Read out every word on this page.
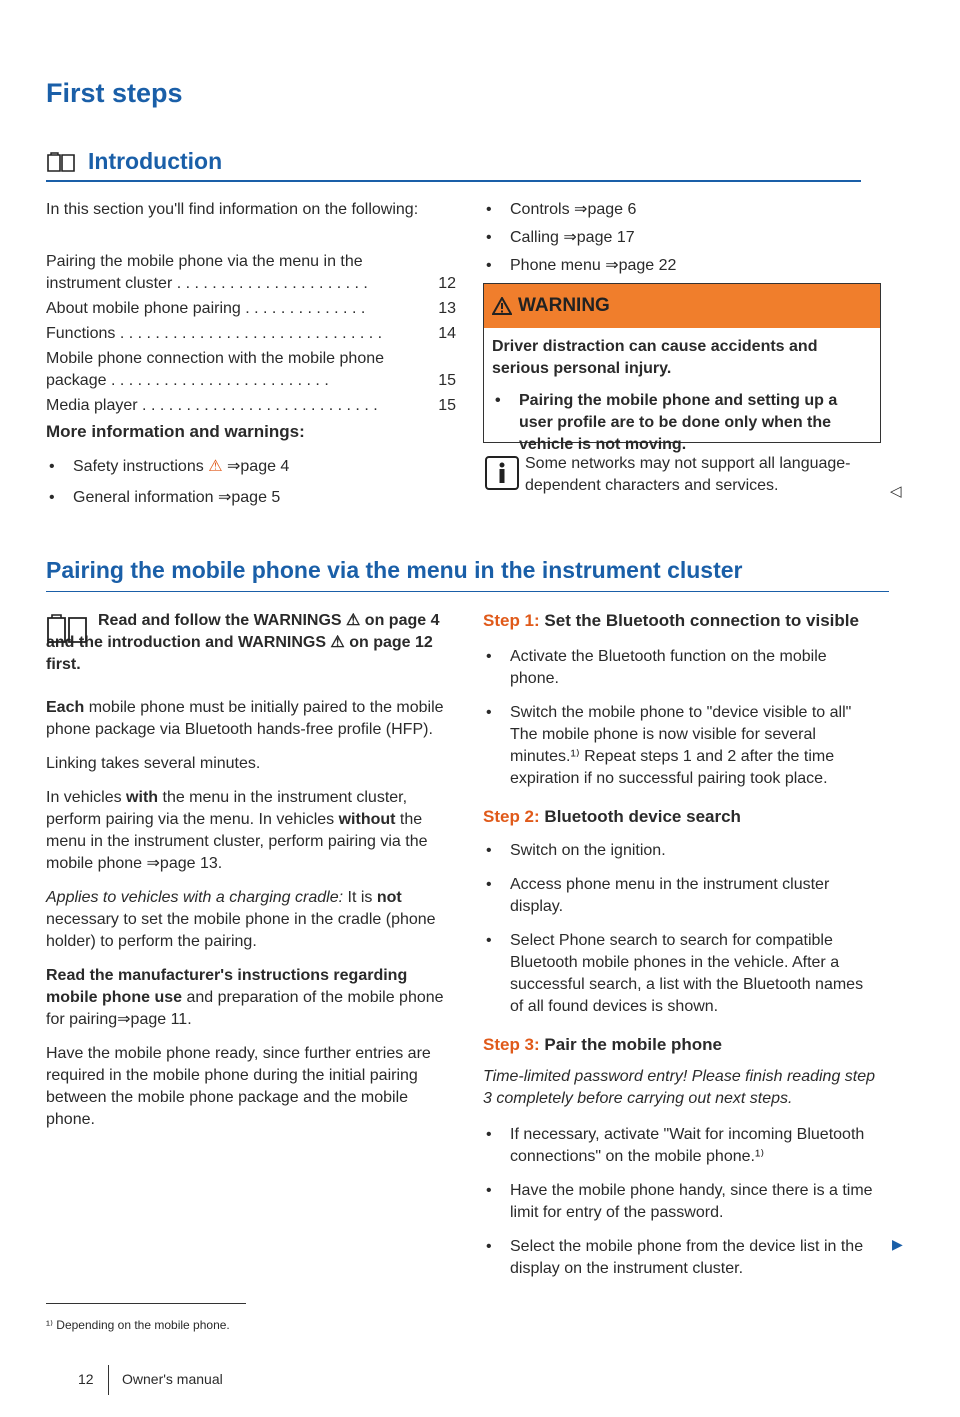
First steps
Introduction

In this section you'll find information on the following:

Pairing the mobile phone via the menu in the instrument cluster . . . . . . . . . . . . . . . . . . . . . .	12
About mobile phone pairing . . . . . . . . . . . . . .	13
Functions . . . . . . . . . . . . . . . . . . . . . . . . . . . . . .	14
Mobile phone connection with the mobile phone package . . . . . . . . . . . . . . . . . . . . . . . . .	15
Media player . . . . . . . . . . . . . . . . . . . . . . . . . . .	15

More information and warnings:

• Safety instructions ⚠ ⇒page 4
• General information ⇒page 5
• Controls ⇒page 6
• Calling ⇒page 17
• Phone menu ⇒page 22
WARNING

Driver distraction can cause accidents and serious personal injury.

• Pairing the mobile phone and setting up a user profile are to be done only when the vehicle is not moving.

Some networks may not support all language-dependent characters and services.	◁
Pairing the mobile phone via the menu in the instrument cluster

Read and follow the WARNINGS ⚠ on page 4 and the introduction and WARNINGS ⚠ on page 12 first.

Each mobile phone must be initially paired to the mobile phone package via Bluetooth hands-free profile (HFP).

Linking takes several minutes.

In vehicles with the menu in the instrument cluster, perform pairing via the menu. In vehicles without the menu in the instrument cluster, perform pairing via the mobile phone ⇒page 13.

Applies to vehicles with a charging cradle: It is not necessary to set the mobile phone in the cradle (phone holder) to perform the pairing.

Read the manufacturer's instructions regarding mobile phone use and preparation of the mobile phone for pairing⇒page 11.

Have the mobile phone ready, since further entries are required in the mobile phone during the initial pairing between the mobile phone package and the mobile phone.

Step 1: Set the Bluetooth connection to visible

• Activate the Bluetooth function on the mobile phone.
• Switch the mobile phone to "device visible to all" The mobile phone is now visible for several minutes.¹⁾ Repeat steps 1 and 2 after the time expiration if no successful pairing took place.

Step 2: Bluetooth device search

• Switch on the ignition.
• Access phone menu in the instrument cluster display.
• Select Phone search to search for compatible Bluetooth mobile phones in the vehicle. After a successful search, a list with the Bluetooth names of all found devices is shown.

Step 3: Pair the mobile phone

Time-limited password entry! Please finish reading step 3 completely before carrying out next steps.

• If necessary, activate "Wait for incoming Bluetooth connections" on the mobile phone.¹⁾
• Have the mobile phone handy, since there is a time limit for entry of the password.
• Select the mobile phone from the device list in the display on the instrument cluster.
▶
¹⁾ Depending on the mobile phone.
12 Owner's manual
